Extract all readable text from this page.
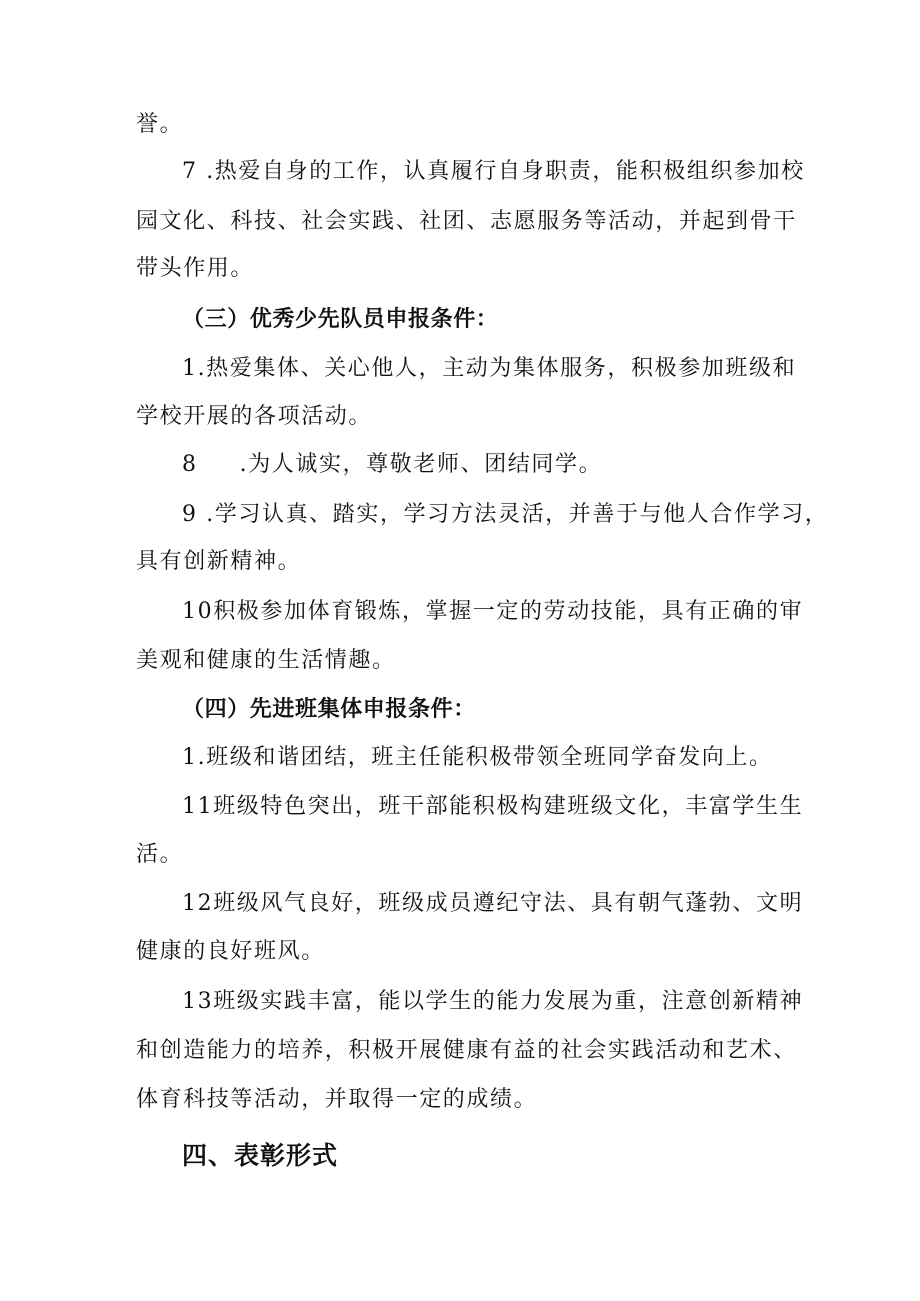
誉。
7 .热爱自身的工作，认真履行自身职责，能积极组织参加校
园文化、科技、社会实践、社团、志愿服务等活动，并起到骨干
带头作用。
（三）优秀少先队员申报条件：
1.热爱集体、关心他人，主动为集体服务，积极参加班级和
学校开展的各项活动。
8 .为人诚实，尊敬老师、团结同学。
9 .学习认真、踏实，学习方法灵活，并善于与他人合作学习，
具有创新精神。
10积极参加体育锻炼，掌握一定的劳动技能，具有正确的审
美观和健康的生活情趣。
（四）先进班集体申报条件：
1.班级和谐团结，班主任能积极带领全班同学奋发向上。
11班级特色突出，班干部能积极构建班级文化，丰富学生生
活。
12班级风气良好，班级成员遵纪守法、具有朝气蓬勃、文明
健康的良好班风。
13班级实践丰富，能以学生的能力发展为重，注意创新精神
和创造能力的培养，积极开展健康有益的社会实践活动和艺术、
体育科技等活动，并取得一定的成绩。
四、表彰形式
